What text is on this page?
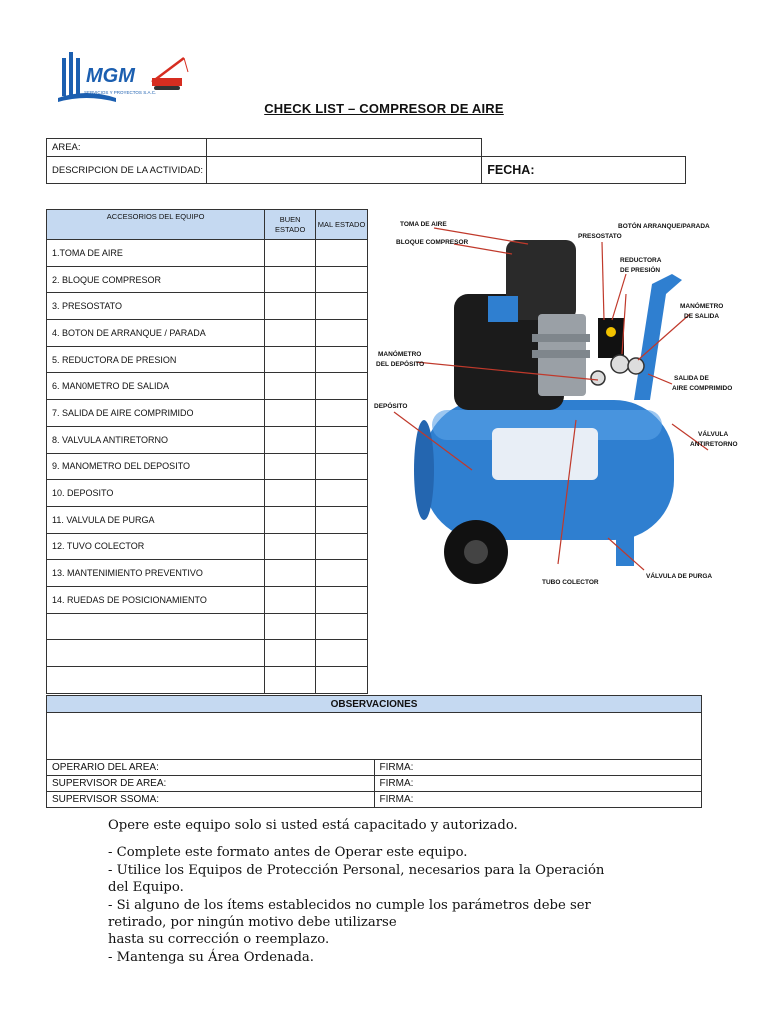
MGM
SERVICIOS Y PROYECTOS S.A.C.
CHECK LIST – COMPRESOR DE AIRE
AREA:		
DESCRIPCION DE LA ACTIVIDAD:		FECHA:
ACCESORIOS DEL EQUIPO	BUEN ESTADO	MAL ESTADO
1.TOMA DE AIRE		
2. BLOQUE COMPRESOR		
3. PRESOSTATO		
4. BOTON DE ARRANQUE / PARADA		
5. REDUCTORA DE PRESION		
6. MAN0METRO DE SALIDA		
7. SALIDA DE AIRE COMPRIMIDO		
8. VALVULA ANTIRETORNO		
9. MANOMETRO DEL DEPOSITO		
10. DEPOSITO		
11. VALVULA DE PURGA		
12. TUVO COLECTOR		
13. MANTENIMIENTO PREVENTIVO		
14. RUEDAS DE POSICIONAMIENTO		

TOMA DE AIRE
BLOQUE COMPRESOR
PRESOSTATO
BOTÓN ARRANQUE/PARADA
REDUCTORA
DE PRESIÓN
MANÓMETRO
DE SALIDA
MANÓMETRO
DEL DEPÓSITO
SALIDA DE
AIRE COMPRIMIDO
DEPÓSITO
VÁLVULA
ANTIRETORNO
TUBO COLECTOR
VÁLVULA DE PURGA
OBSERVACIONES	

OPERARIO DEL AREA:	FIRMA:
SUPERVISOR DE AREA:	FIRMA:
SUPERVISOR SSOMA:	FIRMA:

Opere este equipo solo si usted está capacitado y autorizado.

- Complete este formato antes de Operar este equipo.

- Utilice los Equipos de Protección Personal, necesarios para la Operación

del Equipo.

- Si alguno de los ítems establecidos no cumple los parámetros debe ser

retirado, por ningún motivo debe utilizarse

hasta su corrección o reemplazo.

- Mantenga su Área Ordenada.
